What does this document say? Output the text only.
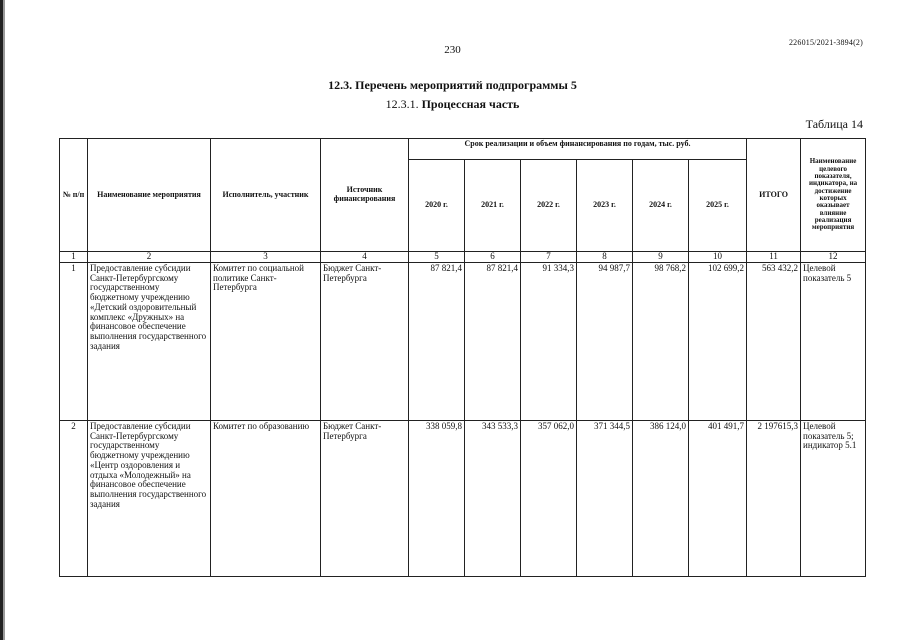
226015/2021-3894(2)
230
12.3. Перечень мероприятий подпрограммы 5
12.3.1. Процессная часть
Таблица 14
№ п/п	Наименование мероприятия	Исполнитель, участник	Источник финансирования	Срок реализации и объем финансирования по годам, тыс. руб.						ИТОГО	Наименование целевого показателя, индикатора, на достижение которых оказывает влияние реализация мероприятия
				2020 г.	2021 г.	2022 г.	2023 г.	2024 г.	2025 г.		
1	2	3	4	5	6	7	8	9	10	11	12
1	Предоставление субсидии Санкт-Петербургскому государственному бюджетному учреждению «Детский оздоровительный комплекс «Дружных» на финансовое обеспечение выполнения государственного задания	Комитет по социальной политике Санкт-Петербурга	Бюджет Санкт-Петербурга	87 821,4	87 821,4	91 334,3	94 987,7	98 768,2	102 699,2	563 432,2	Целевой показатель 5
2	Предоставление субсидии Санкт-Петербургскому государственному бюджетному учреждению «Центр оздоровления и отдыха «Молодежный» на финансовое обеспечение выполнения государственного задания	Комитет по образованию	Бюджет Санкт-Петербурга	338 059,8	343 533,3	357 062,0	371 344,5	386 124,0	401 491,7	2 197615,3	Целевой показатель 5; индикатор 5.1
